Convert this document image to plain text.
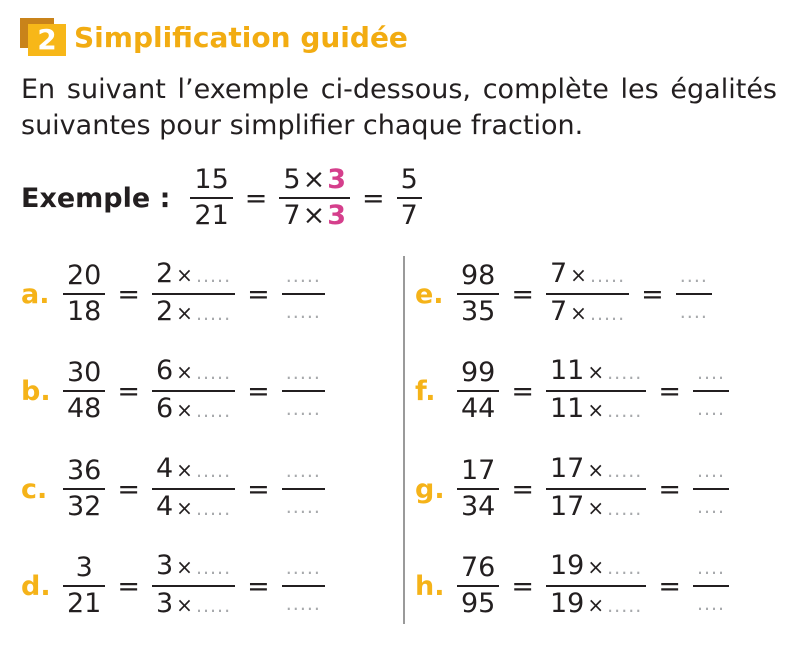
2 Simplification guidée
En suivant l’exemple ci-dessous, complète les égalités suivantes pour simplifier chaque fraction.
Exemple : $\frac{15}{21} = \frac{5\times 3}{7\times 3} = \frac{5}{7}$
a. $\frac{20}{18} = \frac{2 \times .....}{2 \times .....} = \frac{.....}{.....}$
b. $\frac{30}{48} = \frac{6 \times .....}{6 \times .....} = \frac{.....}{.....}$
c. $\frac{36}{32} = \frac{4 \times .....}{4 \times .....} = \frac{.....}{.....}$
d. $\frac{3}{21} = \frac{3 \times .....}{3 \times .....} = \frac{.....}{.....}$
e. $\frac{98}{35} = \frac{7 \times .....}{7 \times .....} = \frac{....}{....}$
f. $\frac{99}{44} = \frac{11 \times .....}{11 \times .....} = \frac{....}{....}$
g. $\frac{17}{34} = \frac{17 \times .....}{17 \times .....} = \frac{....}{....}$
h. $\frac{76}{95} = \frac{19 \times .....}{19 \times .....} = \frac{....}{....}$
